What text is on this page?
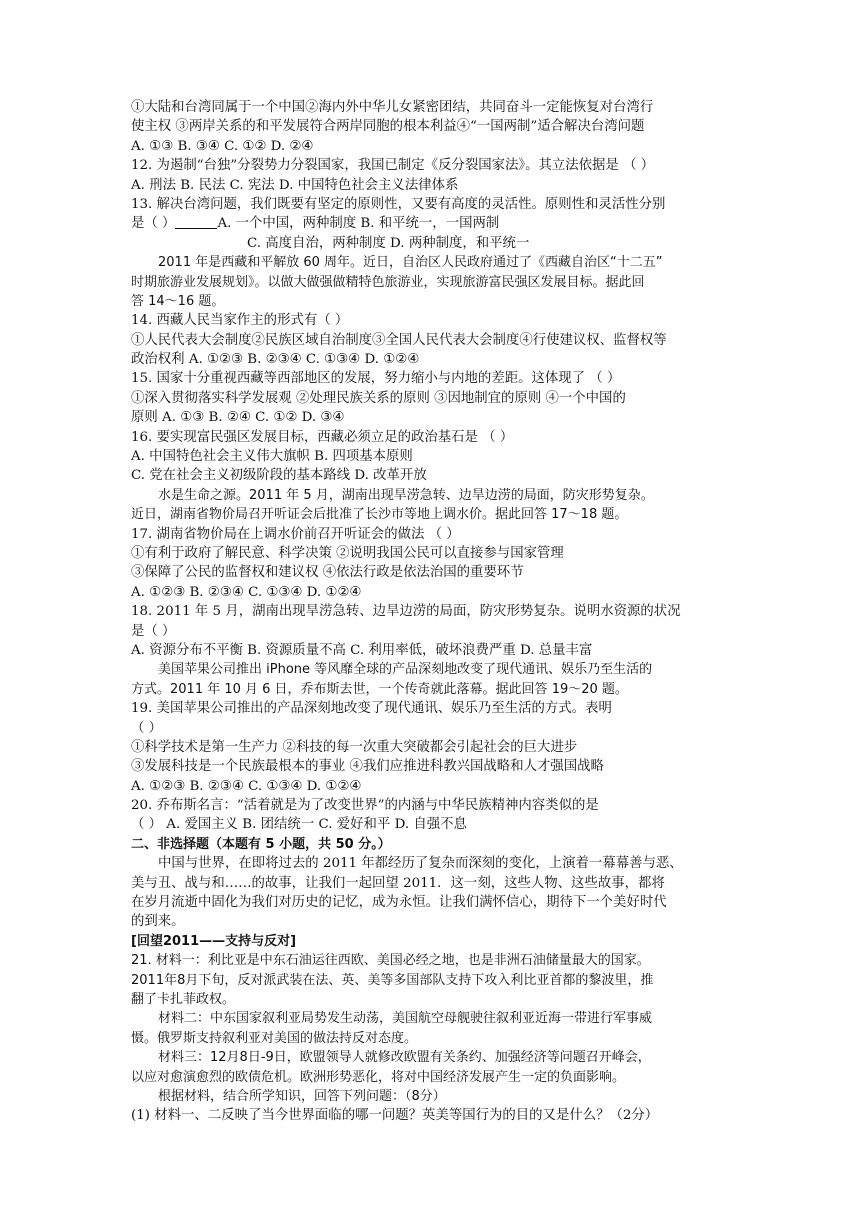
①大陆和台湾同属于一个中国②海内外中华儿女紧密团结，共同奋斗一定能恢复对台湾行
使主权 ③两岸关系的和平发展符合两岸同胞的根本利益④“一国两制”适合解决台湾问题
A. ①③ B. ③④ C. ①② D. ②④
12. 为遏制“台独”分裂势力分裂国家，我国已制定《反分裂国家法》。其立法依据是 （ ）
A. 刑法 B. 民法 C. 宪法 D. 中国特色社会主义法律体系
13. 解决台湾问题，我们既要有坚定的原则性，又要有高度的灵活性。原则性和灵活性分别
是（ ）	A. 一个中国，两种制度 B. 和平统一，一国两制
C. 高度自治，两种制度 D. 两种制度，和平统一
2011 年是西藏和平解放 60 周年。近日，自治区人民政府通过了《西藏自治区“十二五”
时期旅游业发展规划》。以做大做强做精特色旅游业，实现旅游富民强区发展目标。据此回
答 14～16 题。
14. 西藏人民当家作主的形式有（ ）
①人民代表大会制度②民族区域自治制度③全国人民代表大会制度④行使建议权、监督权等
政治权利 A. ①②③ B. ②③④ C. ①③④ D. ①②④
15. 国家十分重视西藏等西部地区的发展，努力缩小与内地的差距。这体现了 （ ）
①深入贯彻落实科学发展观 ②处理民族关系的原则 ③因地制宜的原则 ④一个中国的
原则 A. ①③ B. ②④ C. ①② D. ③④
16. 要实现富民强区发展目标，西藏必须立足的政治基石是 （ ）
A. 中国特色社会主义伟大旗帜 B. 四项基本原则
C. 党在社会主义初级阶段的基本路线 D. 改革开放
水是生命之源。2011 年 5 月，湖南出现旱涝急转、边旱边涝的局面，防灾形势复杂。
近日，湖南省物价局召开听证会后批准了长沙市等地上调水价。据此回答 17～18 题。
17. 湖南省物价局在上调水价前召开听证会的做法 （ ）
①有利于政府了解民意、科学决策 ②说明我国公民可以直接参与国家管理
③保障了公民的监督权和建议权 ④依法行政是依法治国的重要环节
A. ①②③ B. ②③④ C. ①③④ D. ①②④
18. 2011 年 5 月，湖南出现旱涝急转、边旱边涝的局面，防灾形势复杂。说明水资源的状况
是（ ）
A. 资源分布不平衡 B. 资源质量不高 C. 利用率低，破坏浪费严重 D. 总量丰富
美国苹果公司推出 iPhone 等风靡全球的产品深刻地改变了现代通讯、娱乐乃至生活的
方式。2011 年 10 月 6 日，乔布斯去世，一个传奇就此落幕。据此回答 19～20 题。
19. 美国苹果公司推出的产品深刻地改变了现代通讯、娱乐乃至生活的方式。表明
（ ）
①科学技术是第一生产力 ②科技的每一次重大突破都会引起社会的巨大进步
③发展科技是一个民族最根本的事业 ④我们应推进科教兴国战略和人才强国战略
A. ①②③ B. ②③④ C. ①③④ D. ①②④
20. 乔布斯名言：“活着就是为了改变世界”的内涵与中华民族精神内容类似的是
（ ） A. 爱国主义 B. 团结统一 C. 爱好和平 D. 自强不息
二、非选择题（本题有 5 小题，共 50 分。）
中国与世界，在即将过去的 2011 年都经历了复杂而深刻的变化，上演着一幕幕善与恶、
美与丑、战与和……的故事，让我们一起回望 2011．这一刻，这些人物、这些故事，都将
在岁月流逝中固化为我们对历史的记忆，成为永恒。让我们满怀信心，期待下一个美好时代
的到来。
[回望2011——支持与反对]
21. 材料一：利比亚是中东石油运往西欧、美国必经之地，也是非洲石油储量最大的国家。
2011年8月下旬，反对派武装在法、英、美等多国部队支持下攻入利比亚首都的黎波里，推
翻了卡扎菲政权。
材料二：中东国家叙利亚局势发生动荡，美国航空母舰驶往叙利亚近海一带进行军事威
慑。俄罗斯支持叙利亚对美国的做法持反对态度。
材料三：12月8日-9日，欧盟领导人就修改欧盟有关条约、加强经济等问题召开峰会，
以应对愈演愈烈的欧债危机。欧洲形势恶化，将对中国经济发展产生一定的负面影响。
根据材料，结合所学知识，回答下列问题：（8分）
(1) 材料一、二反映了当今世界面临的哪一问题？英美等国行为的目的又是什么？（2分）
